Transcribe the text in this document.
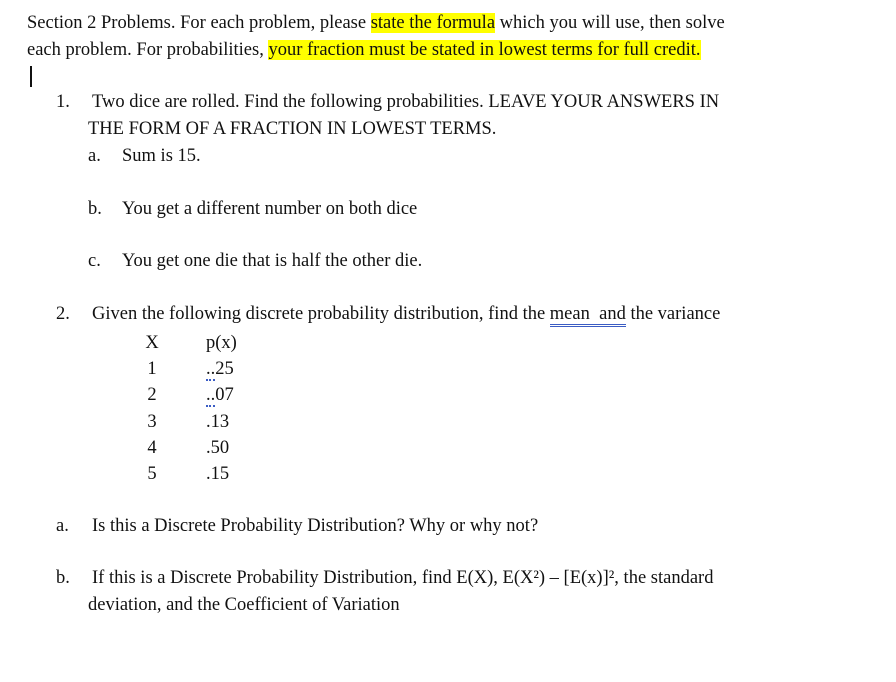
Section 2 Problems. For each problem, please state the formula which you will use, then solve
each problem. For probabilities, your fraction must be stated in lowest terms for full credit.
1. Two dice are rolled. Find the following probabilities. LEAVE YOUR ANSWERS IN
THE FORM OF A FRACTION IN LOWEST TERMS.
a. Sum is 15.
b. You get a different number on both dice
c. You get one die that is half the other die.
2. Given the following discrete probability distribution, find the mean and the variance
X	p(x)
1	..25
2	..07
3	.13
4	.50
5	.15
a. Is this a Discrete Probability Distribution? Why or why not?
b. If this is a Discrete Probability Distribution, find E(X), E(X²) – [E(x)]², the standard
deviation, and the Coefficient of Variation
